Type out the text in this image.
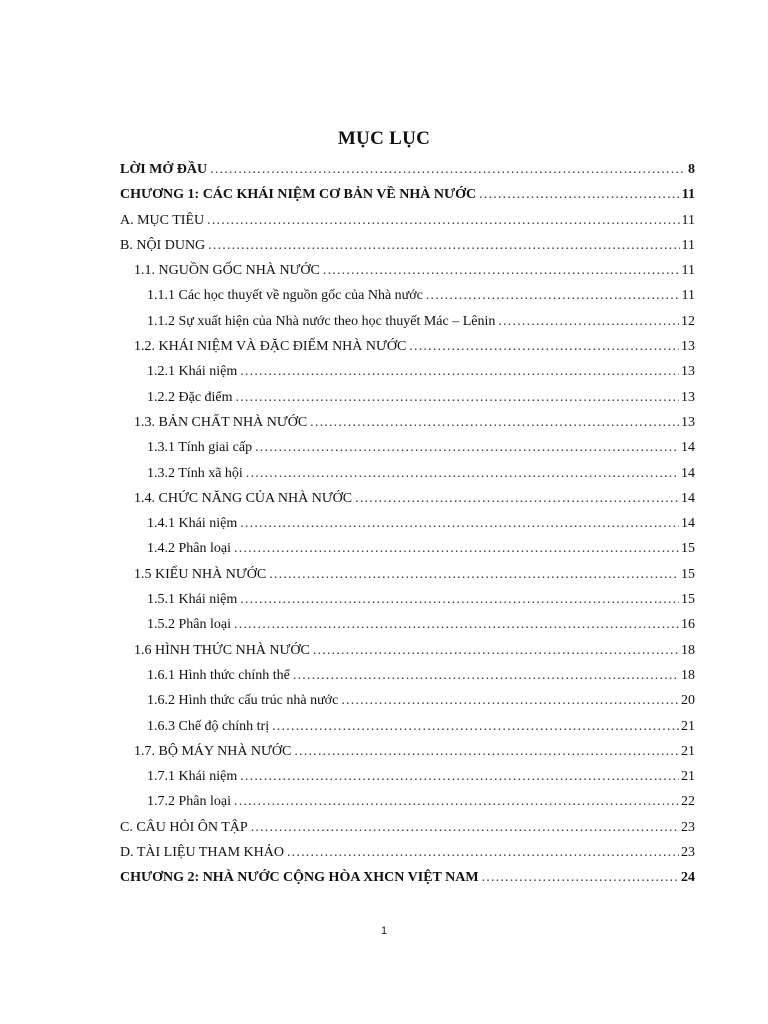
MỤC LỤC
LỜI MỞ ĐẦU .....	8
CHƯƠNG 1: CÁC KHÁI NIỆM CƠ BẢN VỀ NHÀ NƯỚC .....	11
A. MỤC TIÊU .....	11
B. NỘI DUNG .....	11
1.1. NGUỒN GỐC NHÀ NƯỚC .....	11
1.1.1 Các học thuyết về nguồn gốc của Nhà nước .....	11
1.1.2 Sự xuất hiện của Nhà nước theo học thuyết Mác – Lênin .....	12
1.2. KHÁI NIỆM VÀ ĐẶC ĐIỂM NHÀ NƯỚC .....	13
1.2.1 Khái niệm .....	13
1.2.2 Đặc điểm .....	13
1.3. BẢN CHẤT NHÀ NƯỚC .....	13
1.3.1 Tính giai cấp .....	14
1.3.2 Tính xã hội .....	14
1.4. CHỨC NĂNG CỦA NHÀ NƯỚC .....	14
1.4.1 Khái niệm .....	14
1.4.2 Phân loại .....	15
1.5 KIỂU NHÀ NƯỚC .....	15
1.5.1 Khái niệm .....	15
1.5.2 Phân loại .....	16
1.6 HÌNH THỨC NHÀ NƯỚC .....	18
1.6.1 Hình thức chính thể .....	18
1.6.2 Hình thức cấu trúc nhà nước .....	20
1.6.3 Chế độ chính trị .....	21
1.7. BỘ MÁY NHÀ NƯỚC .....	21
1.7.1 Khái niệm .....	21
1.7.2 Phân loại .....	22
C. CÂU HỎI ÔN TẬP .....	23
D. TÀI LIỆU THAM KHẢO .....	23
CHƯƠNG 2: NHÀ NƯỚC CỘNG HÒA XHCN VIỆT NAM .....	24
1
